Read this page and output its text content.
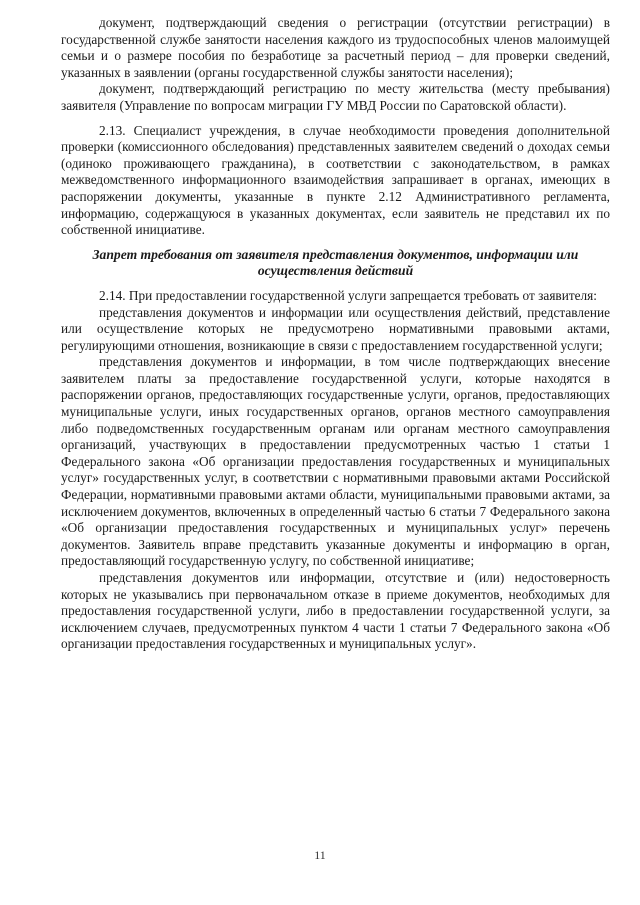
документ, подтверждающий сведения о регистрации (отсутствии регистрации) в государственной службе занятости населения каждого из трудоспособных членов малоимущей семьи и о размере пособия по безработице за расчетный период – для проверки сведений, указанных в заявлении (органы государственной службы занятости населения);

документ, подтверждающий регистрацию по месту жительства (месту пребывания) заявителя (Управление по вопросам миграции ГУ МВД России по Саратовской области).

2.13. Специалист учреждения, в случае необходимости проведения дополнительной проверки (комиссионного обследования) представленных заявителем сведений о доходах семьи (одиноко проживающего гражданина), в соответствии с законодательством, в рамках межведомственного информационного взаимодействия запрашивает в органах, имеющих в распоряжении документы, указанные в пункте 2.12 Административного регламента, информацию, содержащуюся в указанных документах, если заявитель не представил их по собственной инициативе.

Запрет требования от заявителя представления документов, информации или осуществления действий

2.14. При предоставлении государственной услуги запрещается требовать от заявителя:

представления документов и информации или осуществления действий, представление или осуществление которых не предусмотрено нормативными правовыми актами, регулирующими отношения, возникающие в связи с предоставлением государственной услуги;

представления документов и информации, в том числе подтверждающих внесение заявителем платы за предоставление государственной услуги, которые находятся в распоряжении органов, предоставляющих государственные услуги, органов, предоставляющих муниципальные услуги, иных государственных органов, органов местного самоуправления либо подведомственных государственным органам или органам местного самоуправления организаций, участвующих в предоставлении предусмотренных частью 1 статьи 1 Федерального закона «Об организации предоставления государственных и муниципальных услуг» государственных услуг, в соответствии с нормативными правовыми актами Российской Федерации, нормативными правовыми актами области, муниципальными правовыми актами, за исключением документов, включенных в определенный частью 6 статьи 7 Федерального закона «Об организации предоставления государственных и муниципальных услуг» перечень документов. Заявитель вправе представить указанные документы и информацию в орган, предоставляющий государственную услугу, по собственной инициативе;

представления документов или информации, отсутствие и (или) недостоверность которых не указывались при первоначальном отказе в приеме документов, необходимых для предоставления государственной услуги, либо в предоставлении государственной услуги, за исключением случаев, предусмотренных пунктом 4 части 1 статьи 7 Федерального закона «Об организации предоставления государственных и муниципальных услуг».

11
